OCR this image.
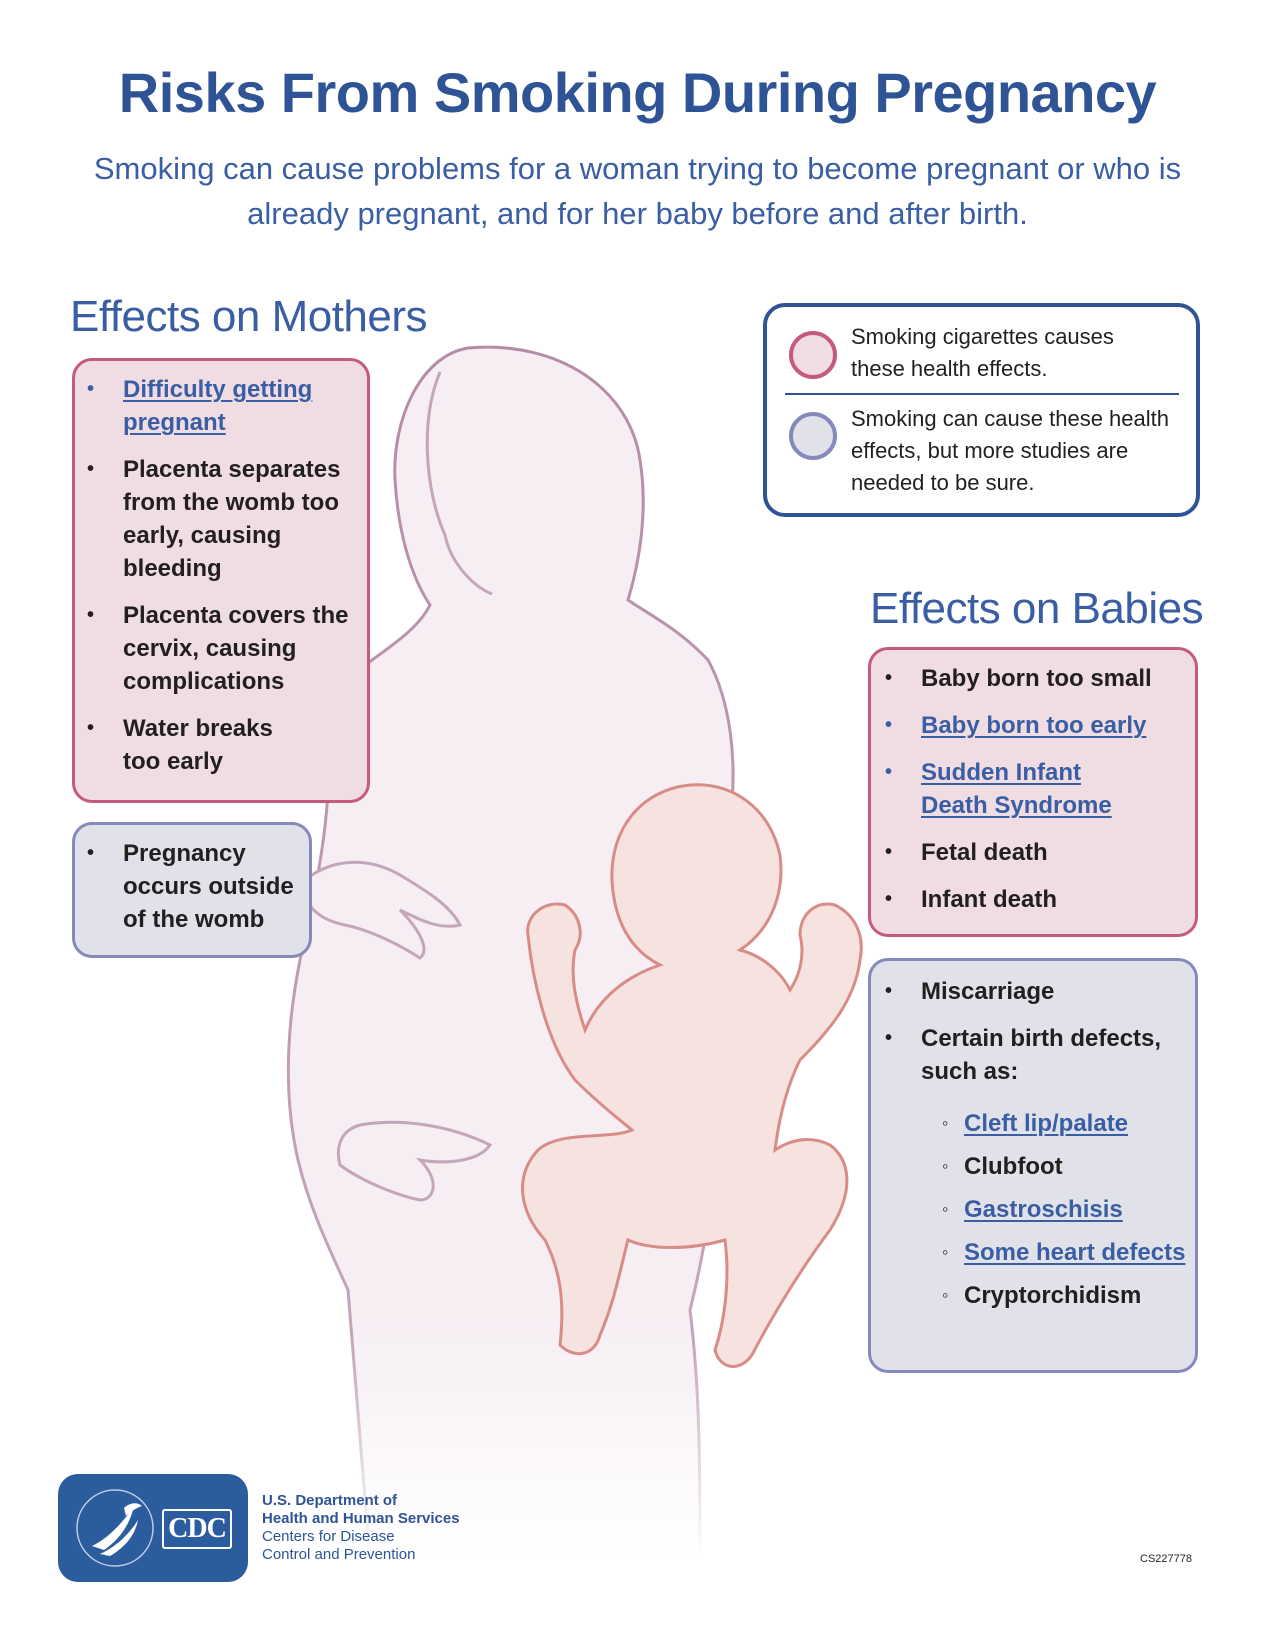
Risks From Smoking During Pregnancy
Smoking can cause problems for a woman trying to become pregnant or who is already pregnant, and for her baby before and after birth.
Smoking cigarettes causes these health effects.
Smoking can cause these health effects, but more studies are needed to be sure.
Effects on Mothers
• Difficulty getting pregnant
• Placenta separates from the womb too early, causing bleeding
• Placenta covers the cervix, causing complications
• Water breaks too early
• Pregnancy occurs outside of the womb
Effects on Babies
• Baby born too small
• Baby born too early
• Sudden Infant Death Syndrome
• Fetal death
• Infant death
• Miscarriage
• Certain birth defects, such as:
◦ Cleft lip/palate
◦ Clubfoot
◦ Gastroschisis
◦ Some heart defects
◦ Cryptorchidism
CDC
U.S. Department of
Health and Human Services
Centers for Disease
Control and Prevention	CS227778
